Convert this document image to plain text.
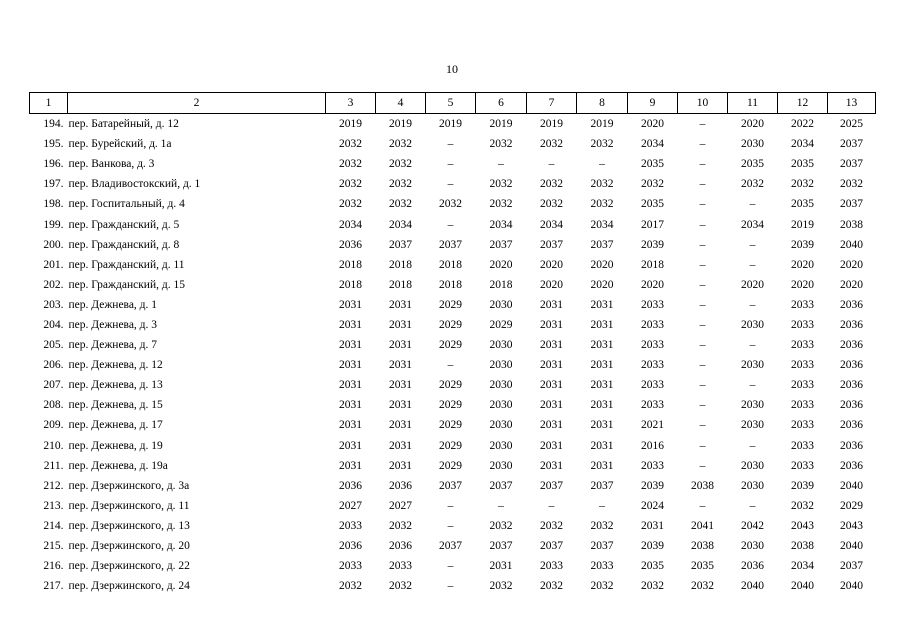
10
1	2	3	4	5	6	7	8	9	10	11	12	13
194.	пер. Батарейный, д. 12	2019	2019	2019	2019	2019	2019	2020	–	2020	2022	2025
195.	пер. Бурейский, д. 1а	2032	2032	–	2032	2032	2032	2034	–	2030	2034	2037
196.	пер. Ванкова, д. 3	2032	2032	–	–	–	–	2035	–	2035	2035	2037
197.	пер. Владивостокский, д. 1	2032	2032	–	2032	2032	2032	2032	–	2032	2032	2032
198.	пер. Госпитальный, д. 4	2032	2032	2032	2032	2032	2032	2035	–	–	2035	2037
199.	пер. Гражданский, д. 5	2034	2034	–	2034	2034	2034	2017	–	2034	2019	2038
200.	пер. Гражданский, д. 8	2036	2037	2037	2037	2037	2037	2039	–	–	2039	2040
201.	пер. Гражданский, д. 11	2018	2018	2018	2020	2020	2020	2018	–	–	2020	2020
202.	пер. Гражданский, д. 15	2018	2018	2018	2018	2020	2020	2020	–	2020	2020	2020
203.	пер. Дежнева, д. 1	2031	2031	2029	2030	2031	2031	2033	–	–	2033	2036
204.	пер. Дежнева, д. 3	2031	2031	2029	2029	2031	2031	2033	–	2030	2033	2036
205.	пер. Дежнева, д. 7	2031	2031	2029	2030	2031	2031	2033	–	–	2033	2036
206.	пер. Дежнева, д. 12	2031	2031	–	2030	2031	2031	2033	–	2030	2033	2036
207.	пер. Дежнева, д. 13	2031	2031	2029	2030	2031	2031	2033	–	–	2033	2036
208.	пер. Дежнева, д. 15	2031	2031	2029	2030	2031	2031	2033	–	2030	2033	2036
209.	пер. Дежнева, д. 17	2031	2031	2029	2030	2031	2031	2021	–	2030	2033	2036
210.	пер. Дежнева, д. 19	2031	2031	2029	2030	2031	2031	2016	–	–	2033	2036
211.	пер. Дежнева, д. 19а	2031	2031	2029	2030	2031	2031	2033	–	2030	2033	2036
212.	пер. Дзержинского, д. 3а	2036	2036	2037	2037	2037	2037	2039	2038	2030	2039	2040
213.	пер. Дзержинского, д. 11	2027	2027	–	–	–	–	2024	–	–	2032	2029
214.	пер. Дзержинского, д. 13	2033	2032	–	2032	2032	2032	2031	2041	2042	2043	2043
215.	пер. Дзержинского, д. 20	2036	2036	2037	2037	2037	2037	2039	2038	2030	2038	2040
216.	пер. Дзержинского, д. 22	2033	2033	–	2031	2033	2033	2035	2035	2036	2034	2037
217.	пер. Дзержинского, д. 24	2032	2032	–	2032	2032	2032	2032	2032	2040	2040	2040
